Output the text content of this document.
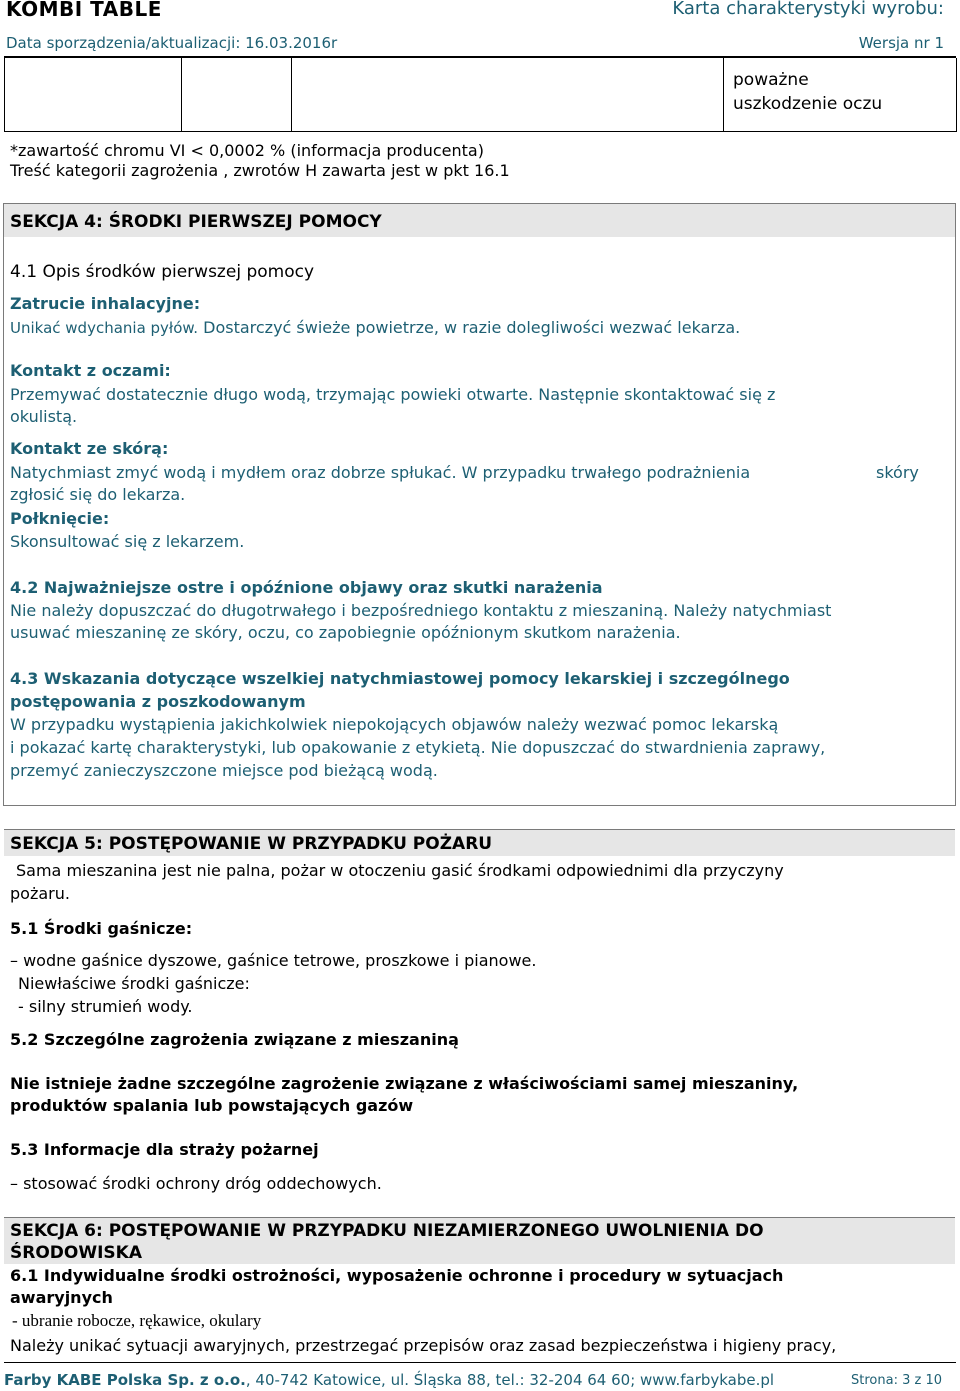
KOMBI TABLE	Karta charakterystyki wyrobu:
Data sporządzenia/aktualizacji: 16.03.2016r	Wersja nr 1
poważne
uszkodzenie oczu
*zawartość chromu VI < 0,0002 % (informacja producenta)
Treść kategorii zagrożenia , zwrotów H zawarta jest w pkt 16.1
SEKCJA 4: ŚRODKI PIERWSZEJ POMOCY
4.1 Opis środków pierwszej pomocy
Zatrucie inhalacyjne:
Unikać wdychania pyłów. Dostarczyć świeże powietrze, w razie dolegliwości wezwać lekarza.
Kontakt z oczami:
Przemywać dostatecznie długo wodą, trzymając powieki otwarte. Następnie skontaktować się z
okulistą.
Kontakt ze skórą:
Natychmiast zmyć wodą i mydłem oraz dobrze spłukać. W przypadku trwałego podrażnienia	skóry
zgłosić się do lekarza.
Połknięcie:
Skonsultować się z lekarzem.
4.2 Najważniejsze ostre i opóźnione objawy oraz skutki narażenia
Nie należy dopuszczać do długotrwałego i bezpośredniego kontaktu z mieszaniną. Należy natychmiast
usuwać mieszaninę ze skóry, oczu, co zapobiegnie opóźnionym skutkom narażenia.
4.3 Wskazania dotyczące wszelkiej natychmiastowej pomocy lekarskiej i szczególnego
postępowania z poszkodowanym
W przypadku wystąpienia jakichkolwiek niepokojących objawów należy wezwać pomoc lekarską
i pokazać kartę charakterystyki, lub opakowanie z etykietą. Nie dopuszczać do stwardnienia zaprawy,
przemyć zanieczyszczone miejsce pod bieżącą wodą.
SEKCJA 5: POSTĘPOWANIE W PRZYPADKU POŻARU
Sama mieszanina jest nie palna, pożar w otoczeniu gasić środkami odpowiednimi dla przyczyny
pożaru.
5.1 Środki gaśnicze:
– wodne gaśnice dyszowe, gaśnice tetrowe, proszkowe i pianowe.
Niewłaściwe środki gaśnicze:
- silny strumień wody.
5.2 Szczególne zagrożenia związane z mieszaniną
Nie istnieje żadne szczególne zagrożenie związane z właściwościami samej mieszaniny,
produktów spalania lub powstających gazów
5.3 Informacje dla straży pożarnej
– stosować środki ochrony dróg oddechowych.
SEKCJA 6: POSTĘPOWANIE W PRZYPADKU NIEZAMIERZONEGO UWOLNIENIA DO
ŚRODOWISKA
6.1 Indywidualne środki ostrożności, wyposażenie ochronne i procedury w sytuacjach
awaryjnych
- ubranie robocze, rękawice, okulary
Należy unikać sytuacji awaryjnych, przestrzegać przepisów oraz zasad bezpieczeństwa i higieny pracy,
Farby KABE Polska Sp. z o.o., 40-742 Katowice, ul. Śląska 88, tel.: 32-204 64 60; www.farbykabe.pl	Strona: 3 z 10
